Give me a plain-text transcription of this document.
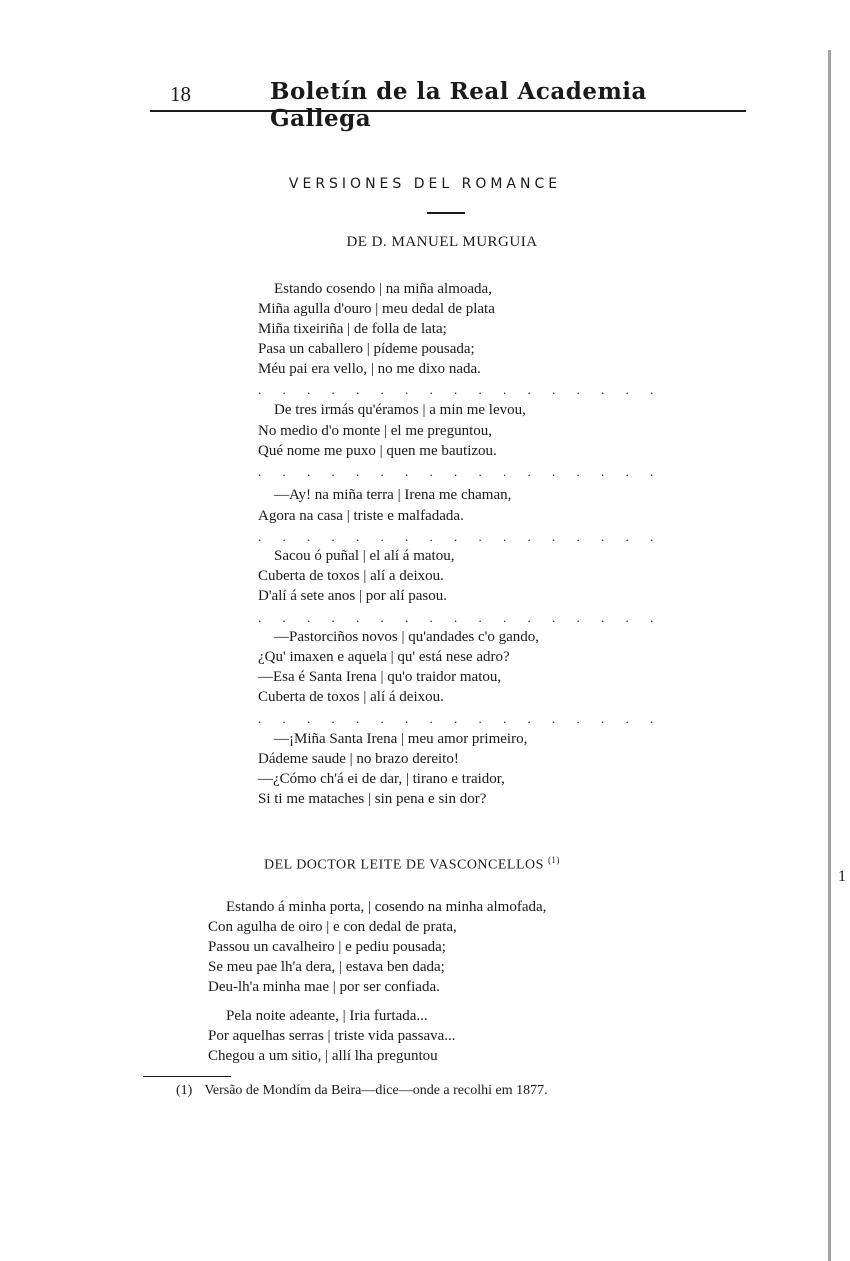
18	Boletín de la Real Academia Gallega
VERSIONES DEL ROMANCE
DE D. MANUEL MURGUIA
Estando cosendo | na miña almoada,
Miña agulla d'ouro | meu dedal de plata
Miña tixeiriña | de folla de lata;
Pasa un caballero | pídeme pousada;
Méu pai era vello, | no me dixo nada.
. . . . . . . . . . . . . . . . .
De tres irmás qu'éramos | a min me levou,
No medio d'o monte | el me preguntou,
Qué nome me puxo | quen me bautizou.
. . . . . . . . . . . . . . . . .
—Ay! na miña terra | Irena me chaman,
Agora na casa | triste e malfadada.
. . . . . . . . . . . . . . . . .
Sacou ó puñal | el alí á matou,
Cuberta de toxos | alí a deixou.
D'alí á sete anos | por alí pasou.
. . . . . . . . . . . . . . . . .
—Pastorciños novos | qu'andades c'o gando,
¿Qu' imaxen e aquela | qu' está nese adro?
—Esa é Santa Irena | qu'o traidor matou,
Cuberta de toxos | alí á deixou.
. . . . . . . . . . . . . . . . .
—¡Miña Santa Irena | meu amor primeiro,
Dádeme saude | no brazo dereito!
—¿Cómo ch'á ei de dar, | tirano e traidor,
Si ti me mataches | sin pena e sin dor?
DEL DOCTOR LEITE DE VASCONCELLOS $^{(1)}$
Estando á minha porta, | cosendo na minha almofada,
Con agulha de oiro | e con dedal de prata,
Passou un cavalheiro | e pediu pousada;
Se meu pae lh'a dera, | estava ben dada;
Deu-lh'a minha mae | por ser confiada.
Pela noite adeante, | Iria furtada...
Por aquelhas serras | triste vida passava...
Chegou a um sitio, | allí lha preguntou
(1) Versão de Mondím da Beira—dice—onde a recolhi em 1877.
1
